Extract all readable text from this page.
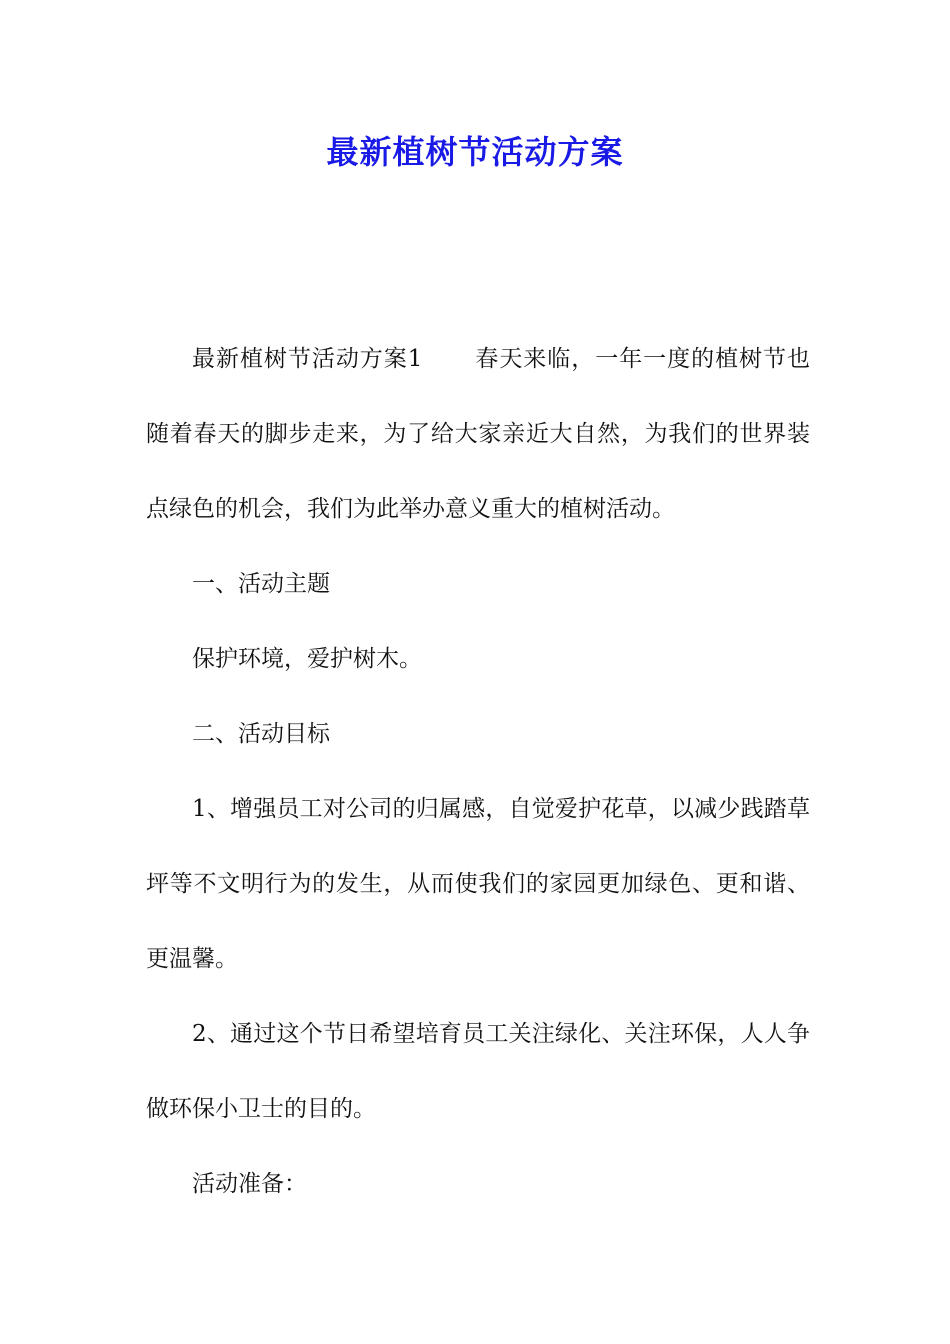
最新植树节活动方案

最新植树节活动方案1 春天来临，一年一度的植树节也随着春天的脚步走来，为了给大家亲近大自然，为我们的世界装点绿色的机会，我们为此举办意义重大的植树活动。

一、活动主题

保护环境，爱护树木。

二、活动目标

1、增强员工对公司的归属感，自觉爱护花草，以减少践踏草坪等不文明行为的发生，从而使我们的家园更加绿色、更和谐、更温馨。

2、通过这个节日希望培育员工关注绿化、关注环保，人人争做环保小卫士的目的。

活动准备：
